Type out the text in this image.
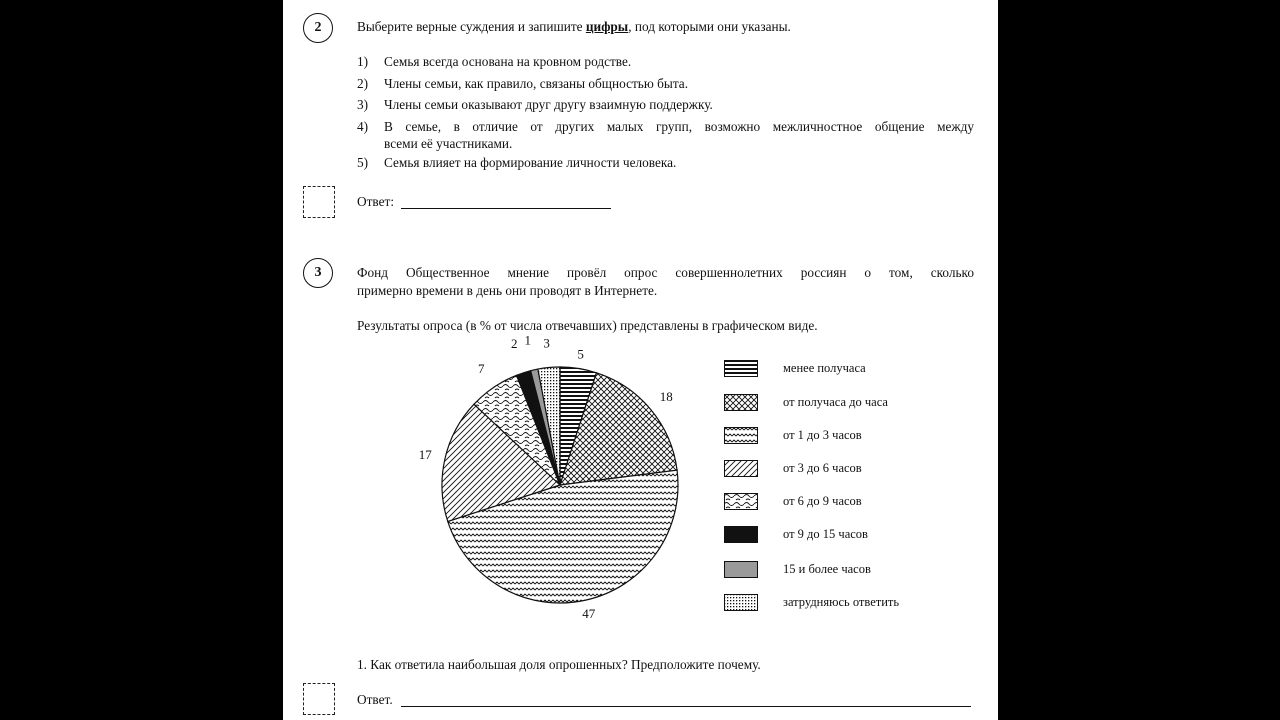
2	Выберите верные суждения и запишите цифры, под которыми они указаны.
1) Семья всегда основана на кровном родстве.
2) Члены семьи, как правило, связаны общностью быта.
3) Члены семьи оказывают друг другу взаимную поддержку.
4) В семье, в отличие от других малых групп, возможно межличностное общение между
всеми её участниками.
5) Семья влияет на формирование личности человека.
Ответ:
3	Фонд Общественное мнение провёл опрос совершеннолетних россиян о том, сколько
примерно времени в день они проводят в Интернете.
Результаты опроса (в % от числа отвечавших) представлены в графическом виде.
5
18
47
17
7
2 1 3
менее получаса
от получаса до часа
от 1 до 3 часов
от 3 до 6 часов
от 6 до 9 часов
от 9 до 15 часов
15 и более часов
затрудняюсь ответить
1. Как ответила наибольшая доля опрошенных? Предположите почему.
Ответ.
